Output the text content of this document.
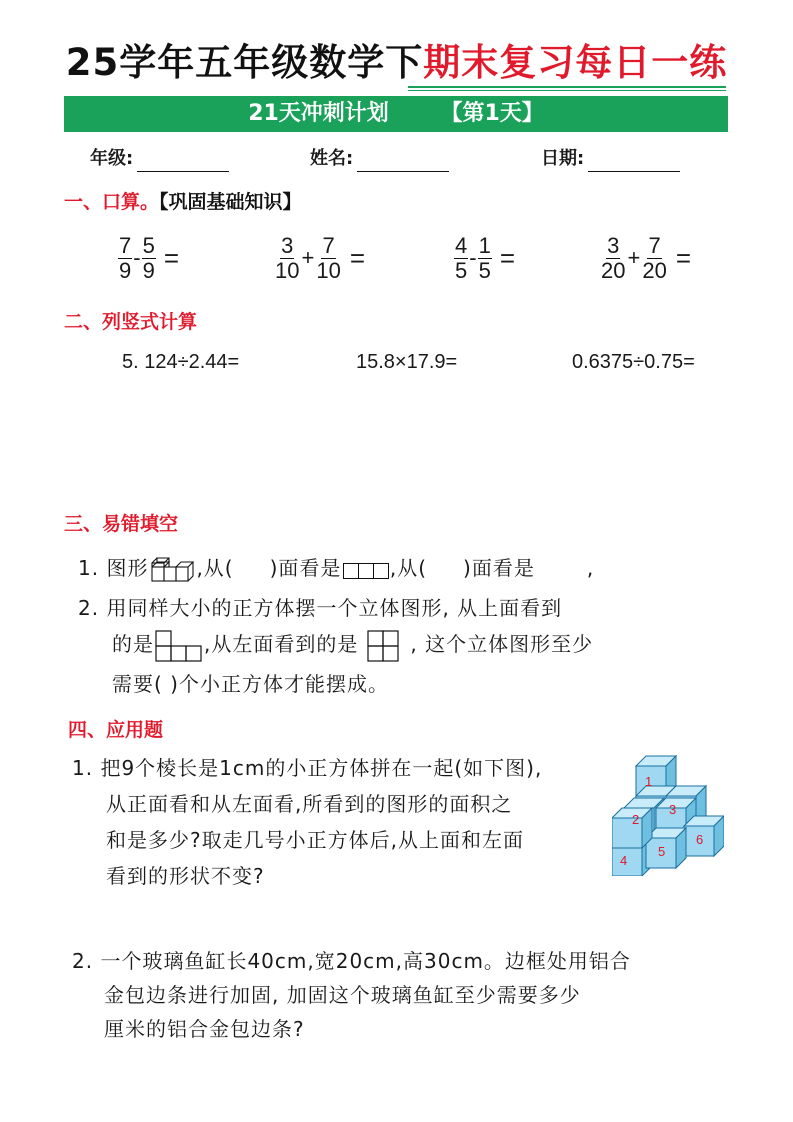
25学年五年级数学下期末复习每日一练
21天冲刺计划 【第1天】
年级:	姓名:	日期:
一、口算。【巩固基础知识】
$\frac{7}{9} - \frac{5}{9}$ =	$\frac{3}{10} + \frac{7}{10}$ =	$\frac{4}{5} - \frac{1}{5}$ =	$\frac{3}{20} + \frac{7}{20}$ =
二、列竖式计算
5. 124÷2.44=	15.8×17.9=	0.6375÷0.75=
三、易错填空
1. 图形 ,从( )面看是 ,从( )面看是	,
2. 用同样大小的正方体摆一个立体图形, 从上面看到
的是	,从左面看到的是	, 这个立体图形至少
需要( )个小正方体才能摆成。
四、应用题
1. 把9个棱长是1cm的小正方体拼在一起(如下图),
从正面看和从左面看,所看到的图形的面积之
和是多少?取走几号小正方体后,从上面和左面
看到的形状不变?
1
2
3
4
5
6
2. 一个玻璃鱼缸长40cm,宽20cm,高30cm。边框处用铝合
金包边条进行加固, 加固这个玻璃鱼缸至少需要多少
厘米的铝合金包边条?
